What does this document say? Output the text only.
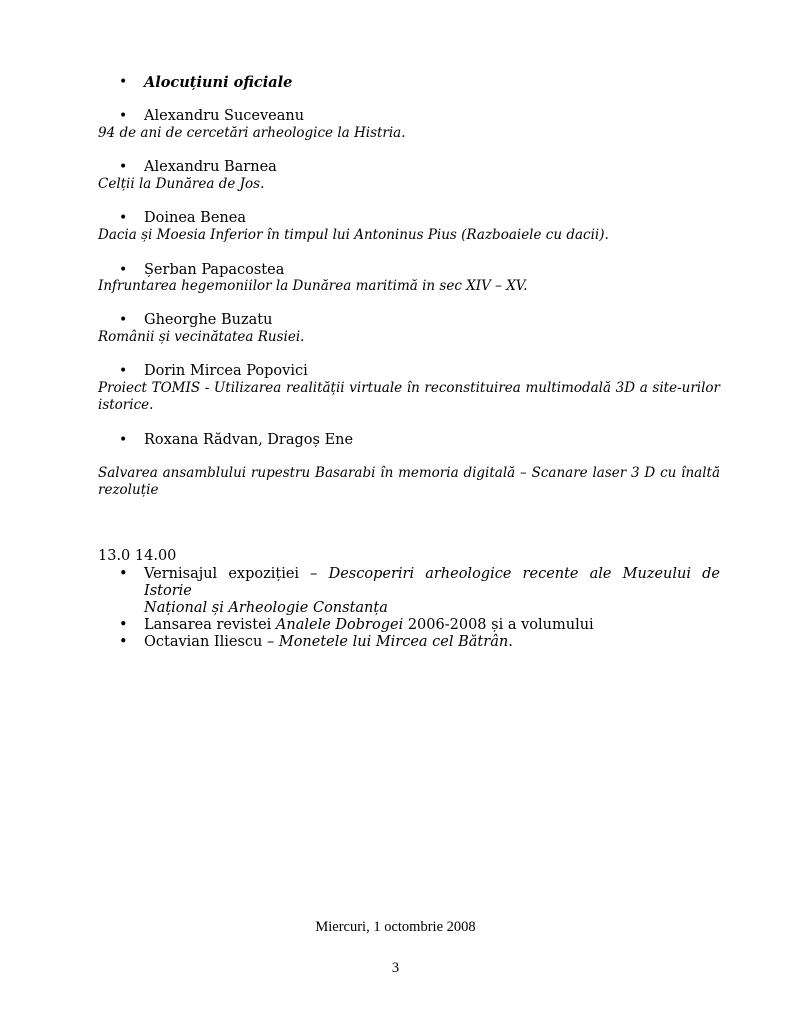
• Alocuțiuni oficiale
• Alexandru Suceveanu
94 de ani de cercetări arheologice la Histria.
• Alexandru Barnea
Celții la Dunărea de Jos.
• Doinea Benea
Dacia și Moesia Inferior în timpul lui Antoninus Pius (Razboaiele cu dacii).
• Șerban Papacostea
Infruntarea hegemoniilor la Dunărea maritimă in sec XIV – XV.
• Gheorghe Buzatu
Românii și vecinătatea Rusiei.
• Dorin Mircea Popovici
Proiect TOMIS - Utilizarea realității virtuale în reconstituirea multimodală 3D a site-urilor
istorice.
• Roxana Rădvan, Dragoș Ene
Salvarea ansamblului rupestru Basarabi în memoria digitală – Scanare laser 3 D cu înaltă
rezoluție
13.0 14.00
• Vernisajul expoziției – Descoperiri arheologice recente ale Muzeului de Istorie
Național și Arheologie Constanța
• Lansarea revistei Analele Dobrogei 2006-2008 și a volumului
• Octavian Iliescu – Monetele lui Mircea cel Bătrân.
Miercuri, 1 octombrie 2008
3
